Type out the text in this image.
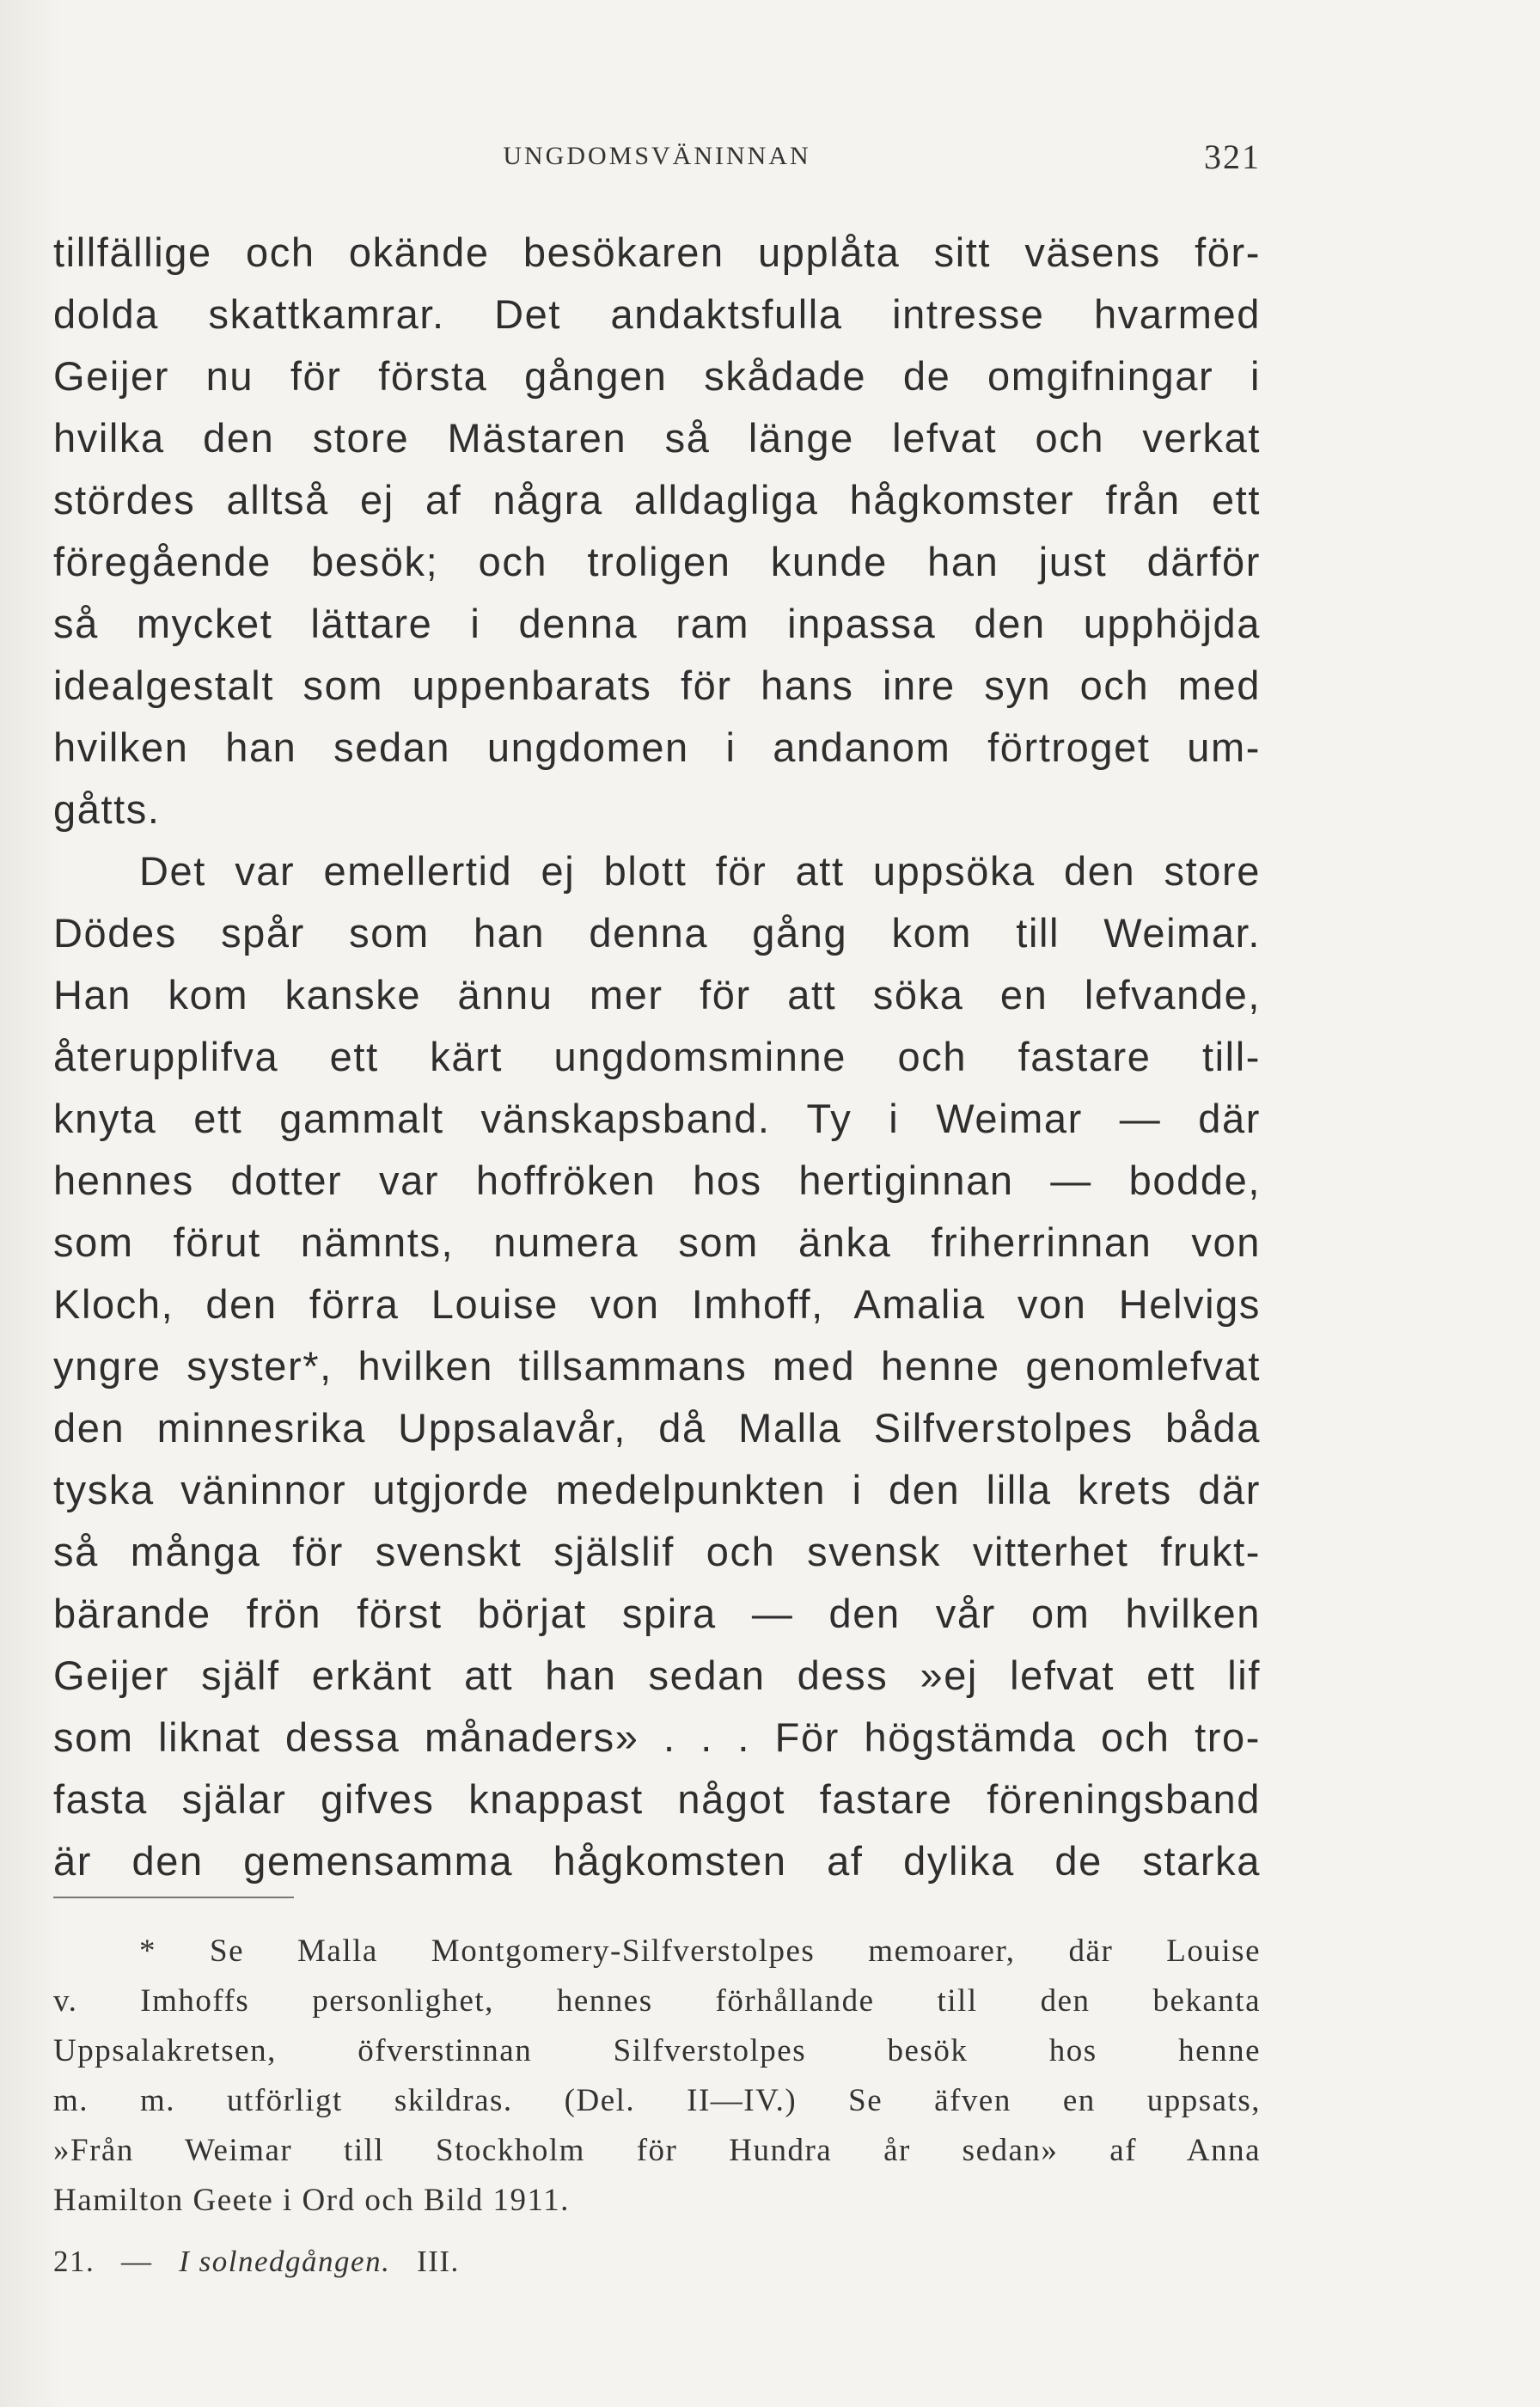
UNGDOMSVÄNINNAN	321
tillfällige och okände besökaren upplåta sitt väsens för-
dolda skattkamrar. Det andaktsfulla intresse hvarmed
Geijer nu för första gången skådade de omgifningar i
hvilka den store Mästaren så länge lefvat och verkat
stördes alltså ej af några alldagliga hågkomster från ett
föregående besök; och troligen kunde han just därför
så mycket lättare i denna ram inpassa den upphöjda
idealgestalt som uppenbarats för hans inre syn och med
hvilken han sedan ungdomen i andanom förtroget um-
gåtts.
Det var emellertid ej blott för att uppsöka den store
Dödes spår som han denna gång kom till Weimar.
Han kom kanske ännu mer för att söka en lefvande,
återupplifva ett kärt ungdomsminne och fastare till-
knyta ett gammalt vänskapsband. Ty i Weimar — där
hennes dotter var hoffröken hos hertiginnan — bodde,
som förut nämnts, numera som änka friherrinnan von
Kloch, den förra Louise von Imhoff, Amalia von Helvigs
yngre syster*, hvilken tillsammans med henne genomlefvat
den minnesrika Uppsalavår, då Malla Silfverstolpes båda
tyska väninnor utgjorde medelpunkten i den lilla krets där
så många för svenskt själslif och svensk vitterhet frukt-
bärande frön först börjat spira — den vår om hvilken
Geijer själf erkänt att han sedan dess »ej lefvat ett lif
som liknat dessa månaders» . . . För högstämda och tro-
fasta själar gifves knappast något fastare föreningsband
är den gemensamma hågkomsten af dylika de starka
* Se Malla Montgomery-Silfverstolpes memoarer, där Louise
v. Imhoffs personlighet, hennes förhållande till den bekanta
Uppsalakretsen, öfverstinnan Silfverstolpes besök hos henne
m. m. utförligt skildras. (Del. II—IV.) Se äfven en uppsats,
»Från Weimar till Stockholm för Hundra år sedan» af Anna
Hamilton Geete i Ord och Bild 1911.
21. — I solnedgången. III.
